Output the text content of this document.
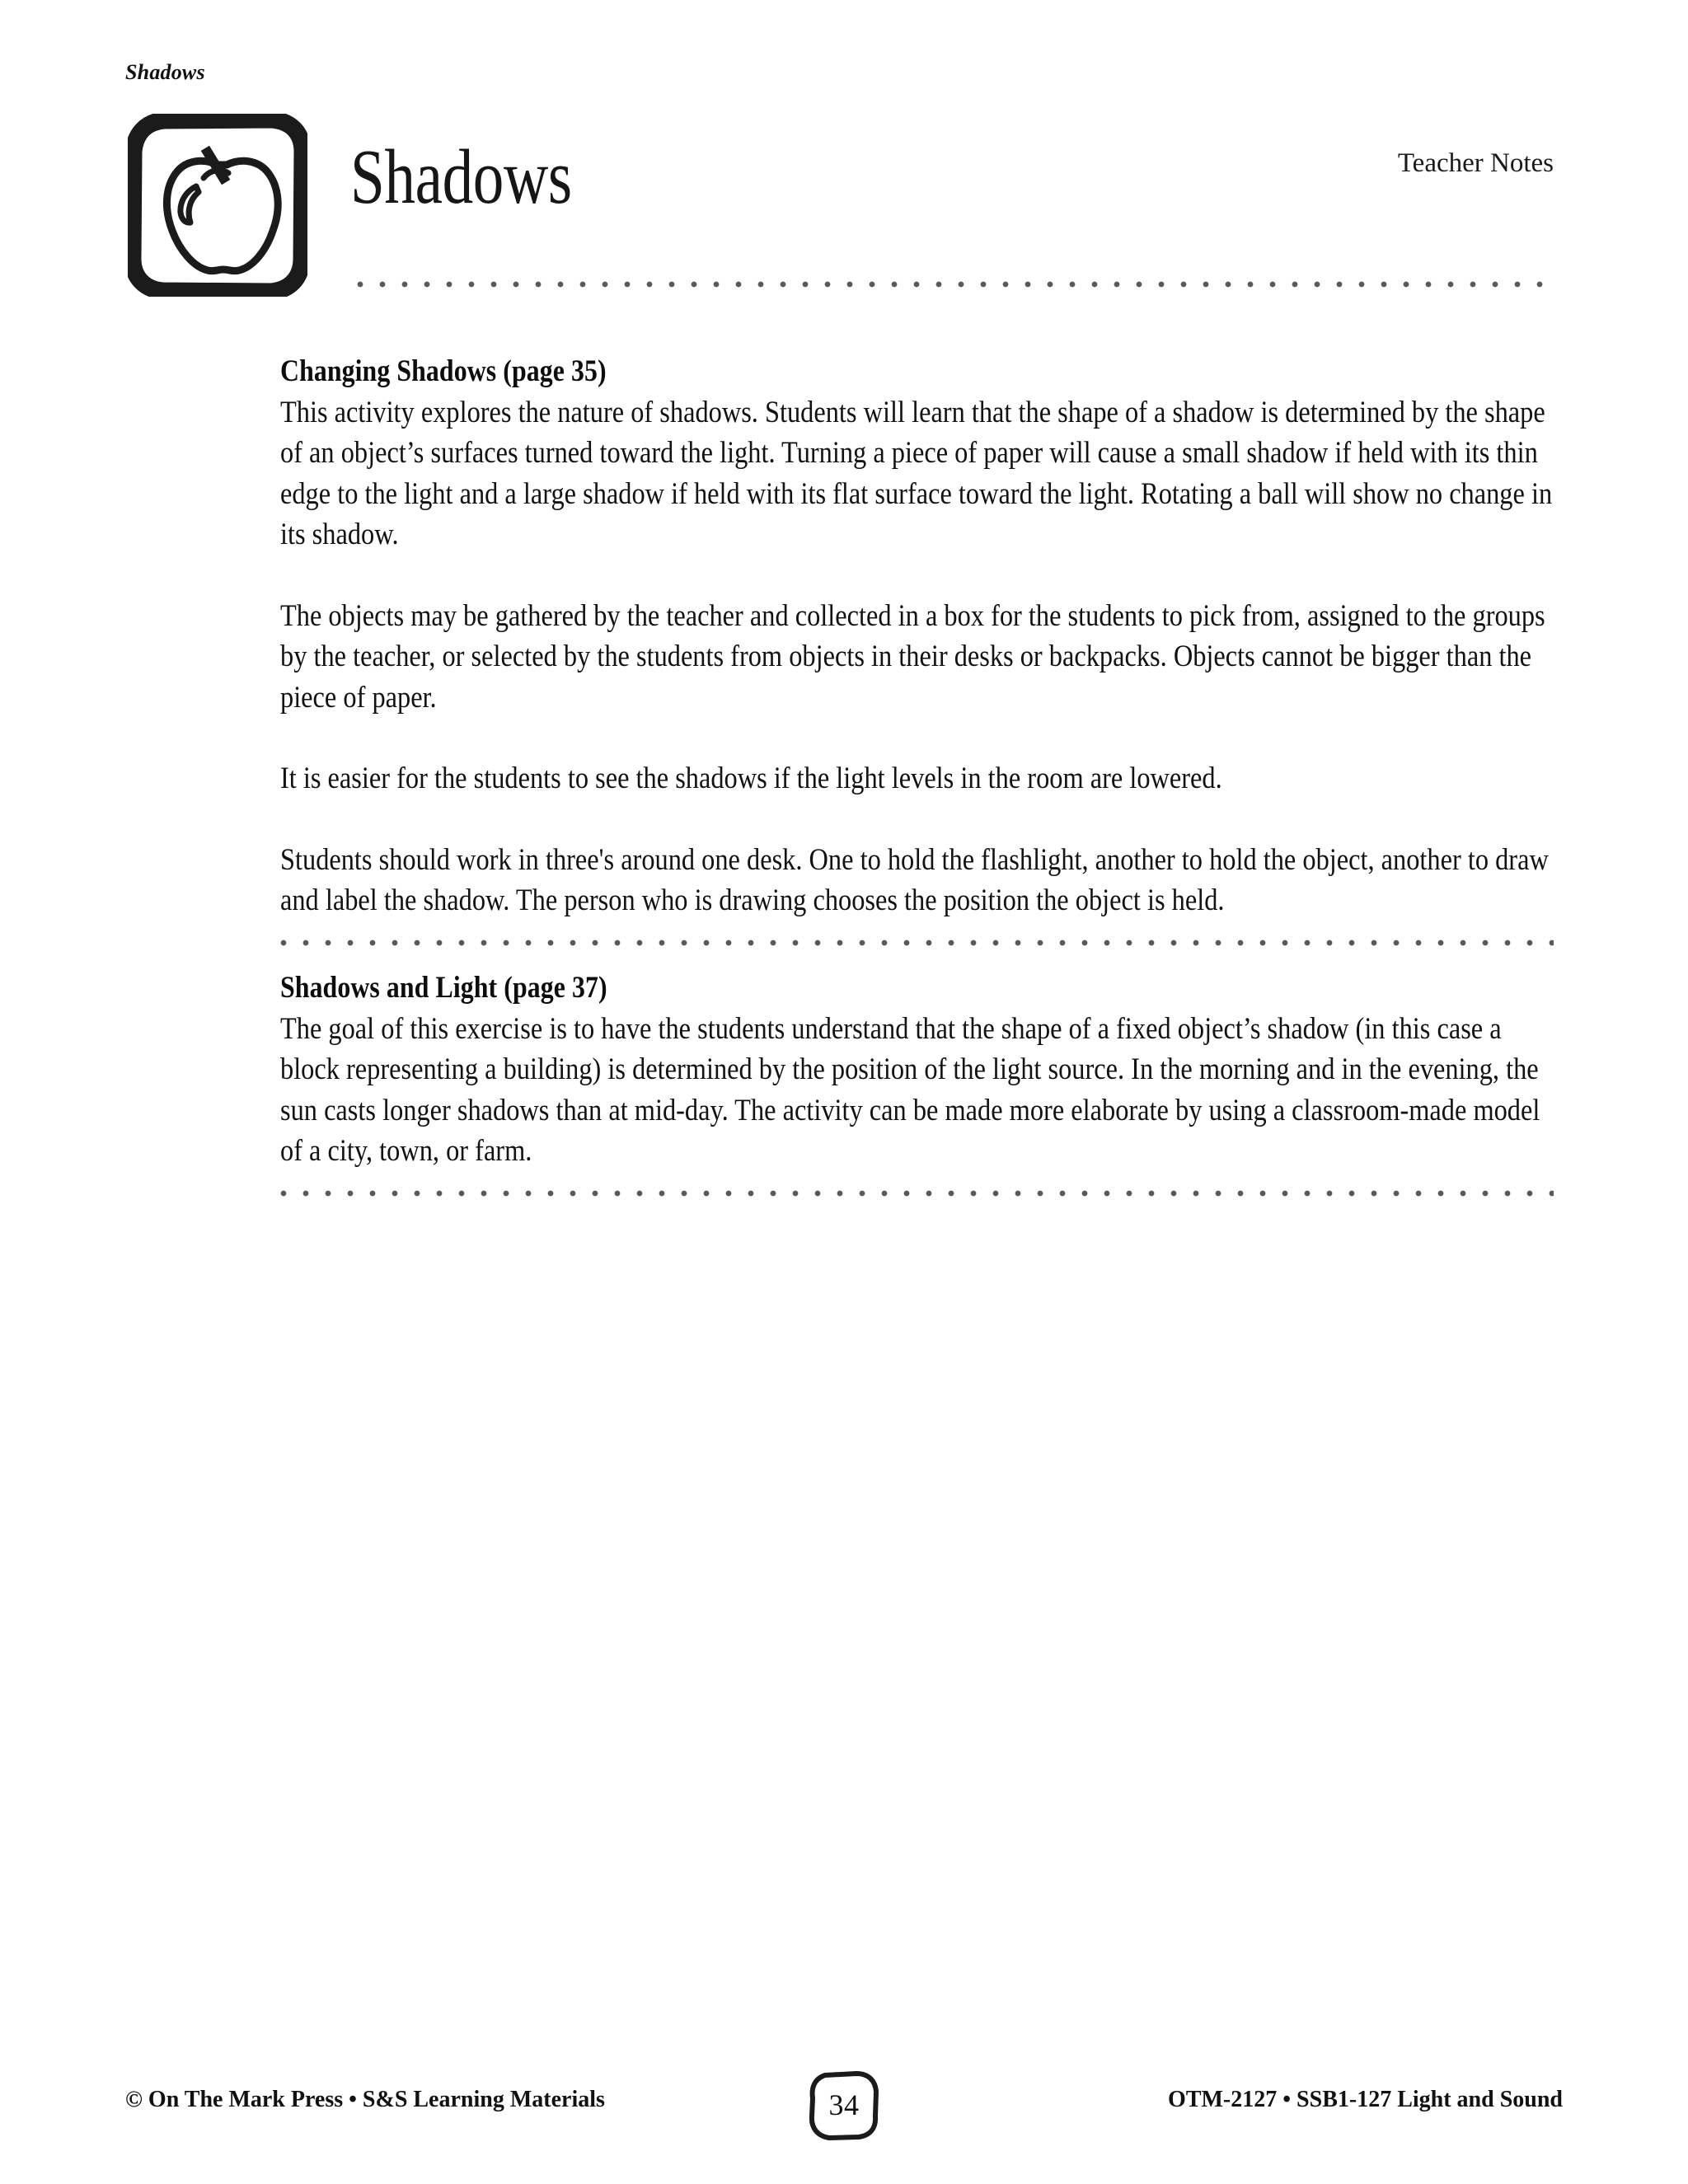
Shadows
Shadows	Teacher Notes
Changing Shadows (page 35)

This activity explores the nature of shadows. Students will learn that the shape of a shadow is determined by the shape of an object’s surfaces turned toward the light. Turning a piece of paper will cause a small shadow if held with its thin edge to the light and a large shadow if held with its flat surface toward the light. Rotating a ball will show no change in its shadow.

The objects may be gathered by the teacher and collected in a box for the students to pick from, assigned to the groups by the teacher, or selected by the students from objects in their desks or backpacks. Objects cannot be bigger than the piece of paper.

It is easier for the students to see the shadows if the light levels in the room are lowered.

Students should work in three's around one desk. One to hold the flashlight, another to hold the object, another to draw and label the shadow. The person who is drawing chooses the position the object is held.

Shadows and Light (page 37)

The goal of this exercise is to have the students understand that the shape of a fixed object’s shadow (in this case a block representing a building) is determined by the position of the light source. In the morning and in the evening, the sun casts longer shadows than at mid-day. The activity can be made more elaborate by using a classroom-made model of a city, town, or farm.

© On The Mark Press • S&S Learning Materials	34	OTM-2127 • SSB1-127 Light and Sound
